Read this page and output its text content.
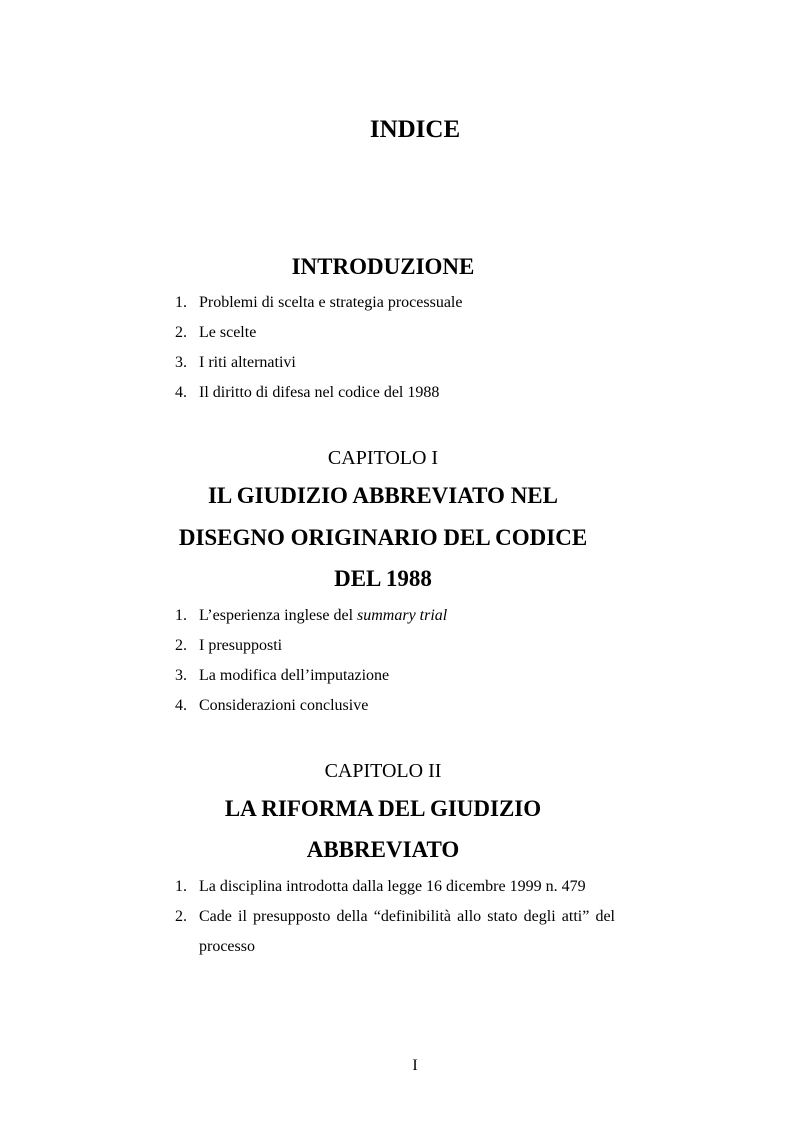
INDICE
INTRODUZIONE
1. Problemi di scelta e strategia processuale
2. Le scelte
3. I riti alternativi
4. Il diritto di difesa nel codice del 1988
CAPITOLO I
IL GIUDIZIO ABBREVIATO NEL
DISEGNO ORIGINARIO DEL CODICE
DEL 1988
1. L’esperienza inglese del summary trial
2. I presupposti
3. La modifica dell’imputazione
4. Considerazioni conclusive
CAPITOLO II
LA RIFORMA DEL GIUDIZIO
ABBREVIATO
1. La disciplina introdotta dalla legge 16 dicembre 1999 n. 479
2. Cade il presupposto della “definibilità allo stato degli atti” del processo
I
